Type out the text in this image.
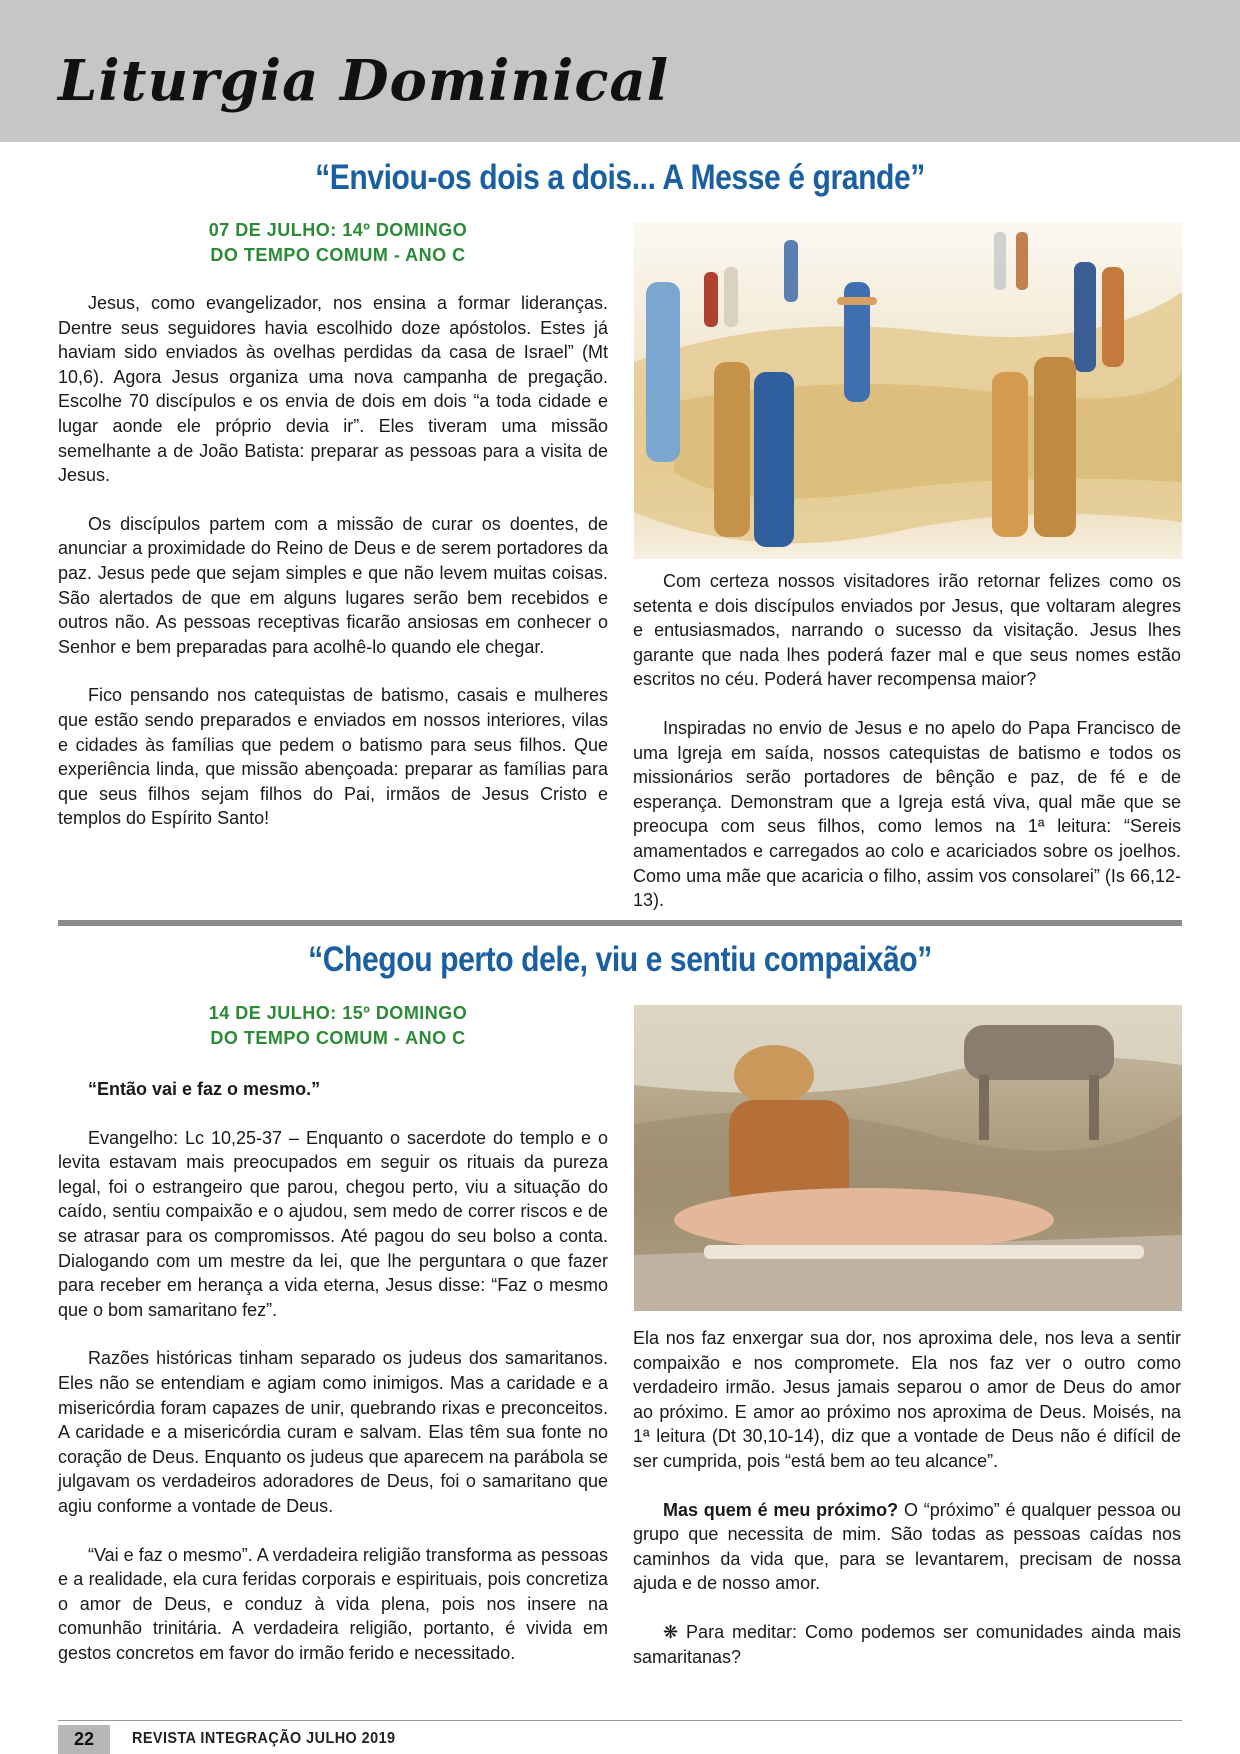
Liturgia Dominical
“Enviou-os dois a dois... A Messe é grande”
07 DE JULHO: 14º DOMINGO
DO TEMPO COMUM - ANO C

Jesus, como evangelizador, nos ensina a formar lideranças. Dentre seus seguidores havia escolhido doze apóstolos. Estes já haviam sido enviados às ovelhas perdidas da casa de Israel” (Mt 10,6). Agora Jesus organiza uma nova campanha de pregação. Escolhe 70 discípulos e os envia de dois em dois “a toda cidade e lugar aonde ele próprio devia ir”. Eles tiveram uma missão semelhante a de João Batista: preparar as pessoas para a visita de Jesus.

Os discípulos partem com a missão de curar os doentes, de anunciar a proximidade do Reino de Deus e de serem portadores da paz. Jesus pede que sejam simples e que não levem muitas coisas. São alertados de que em alguns lugares serão bem recebidos e outros não. As pessoas receptivas ficarão ansiosas em conhecer o Senhor e bem preparadas para acolhê-lo quando ele chegar.

Fico pensando nos catequistas de batismo, casais e mulheres que estão sendo preparados e enviados em nossos interiores, vilas e cidades às famílias que pedem o batismo para seus filhos. Que experiência linda, que missão abençoada: preparar as famílias para que seus filhos sejam filhos do Pai, irmãos de Jesus Cristo e templos do Espírito Santo!

Com certeza nossos visitadores irão retornar felizes como os setenta e dois discípulos enviados por Jesus, que voltaram alegres e entusiasmados, narrando o sucesso da visitação. Jesus lhes garante que nada lhes poderá fazer mal e que seus nomes estão escritos no céu. Poderá haver recompensa maior?

Inspiradas no envio de Jesus e no apelo do Papa Francisco de uma Igreja em saída, nossos catequistas de batismo e todos os missionários serão portadores de bênção e paz, de fé e de esperança. Demonstram que a Igreja está viva, qual mãe que se preocupa com seus filhos, como lemos na 1ª leitura: “Sereis amamentados e carregados ao colo e acariciados sobre os joelhos. Como uma mãe que acaricia o filho, assim vos consolarei” (Is 66,12-13).

“Chegou perto dele, viu e sentiu compaixão”
14 DE JULHO: 15º DOMINGO
DO TEMPO COMUM - ANO C

“Então vai e faz o mesmo.”

Evangelho: Lc 10,25-37 – Enquanto o sacerdote do templo e o levita estavam mais preocupados em seguir os rituais da pureza legal, foi o estrangeiro que parou, chegou perto, viu a situação do caído, sentiu compaixão e o ajudou, sem medo de correr riscos e de se atrasar para os compromissos. Até pagou do seu bolso a conta. Dialogando com um mestre da lei, que lhe perguntara o que fazer para receber em herança a vida eterna, Jesus disse: “Faz o mesmo que o bom samaritano fez”.

Razões históricas tinham separado os judeus dos samaritanos. Eles não se entendiam e agiam como inimigos. Mas a caridade e a misericórdia foram capazes de unir, quebrando rixas e preconceitos. A caridade e a misericórdia curam e salvam. Elas têm sua fonte no coração de Deus. Enquanto os judeus que aparecem na parábola se julgavam os verdadeiros adoradores de Deus, foi o samaritano que agiu conforme a vontade de Deus.

“Vai e faz o mesmo”. A verdadeira religião transforma as pessoas e a realidade, ela cura feridas corporais e espirituais, pois concretiza o amor de Deus, e conduz à vida plena, pois nos insere na comunhão trinitária. A verdadeira religião, portanto, é vivida em gestos concretos em favor do irmão ferido e necessitado.

Ela nos faz enxergar sua dor, nos aproxima dele, nos leva a sentir compaixão e nos compromete. Ela nos faz ver o outro como verdadeiro irmão. Jesus jamais separou o amor de Deus do amor ao próximo. E amor ao próximo nos aproxima de Deus. Moisés, na 1ª leitura (Dt 30,10-14), diz que a vontade de Deus não é difícil de ser cumprida, pois “está bem ao teu alcance”.

Mas quem é meu próximo? O “próximo” é qualquer pessoa ou grupo que necessita de mim. São todas as pessoas caídas nos caminhos da vida que, para se levantarem, precisam de nossa ajuda e de nosso amor.

❋ Para meditar: Como podemos ser comunidades ainda mais samaritanas?

22	REVISTA INTEGRAÇÃO JULHO 2019
